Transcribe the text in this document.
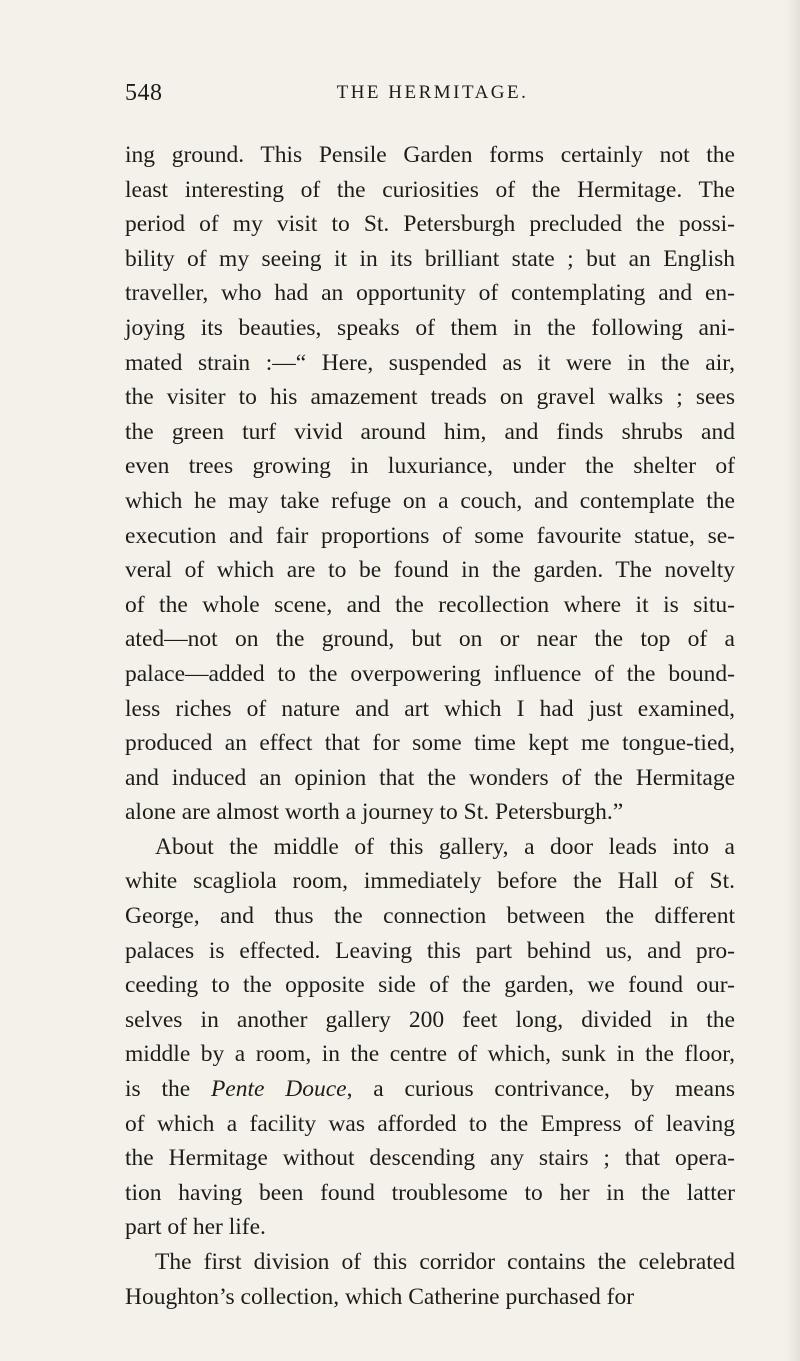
548	THE HERMITAGE.
ing ground. This Pensile Garden forms certainly not the
least interesting of the curiosities of the Hermitage. The
period of my visit to St. Petersburgh precluded the possi-
bility of my seeing it in its brilliant state ; but an English
traveller, who had an opportunity of contemplating and en-
joying its beauties, speaks of them in the following ani-
mated strain :—“ Here, suspended as it were in the air,
the visiter to his amazement treads on gravel walks ; sees
the green turf vivid around him, and finds shrubs and
even trees growing in luxuriance, under the shelter of
which he may take refuge on a couch, and contemplate the
execution and fair proportions of some favourite statue, se-
veral of which are to be found in the garden. The novelty
of the whole scene, and the recollection where it is situ-
ated—not on the ground, but on or near the top of a
palace—added to the overpowering influence of the bound-
less riches of nature and art which I had just examined,
produced an effect that for some time kept me tongue-tied,
and induced an opinion that the wonders of the Hermitage
alone are almost worth a journey to St. Petersburgh.”
About the middle of this gallery, a door leads into a
white scagliola room, immediately before the Hall of St.
George, and thus the connection between the different
palaces is effected. Leaving this part behind us, and pro-
ceeding to the opposite side of the garden, we found our-
selves in another gallery 200 feet long, divided in the
middle by a room, in the centre of which, sunk in the floor,
is the Pente Douce, a curious contrivance, by means
of which a facility was afforded to the Empress of leaving
the Hermitage without descending any stairs ; that opera-
tion having been found troublesome to her in the latter
part of her life.
The first division of this corridor contains the celebrated
Houghton’s collection, which Catherine purchased for
